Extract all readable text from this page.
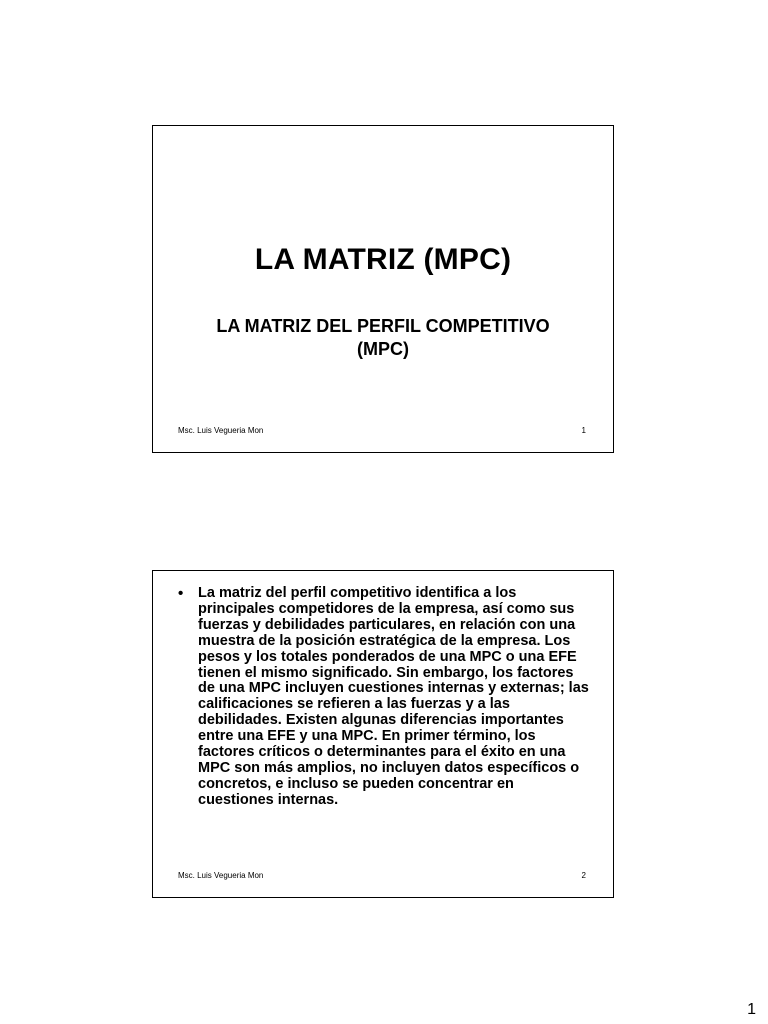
LA MATRIZ (MPC)
LA MATRIZ DEL PERFIL COMPETITIVO (MPC)
Msc. Luis Vegueria Mon	1
•	La matriz del perfil competitivo identifica a los principales competidores de la empresa, así como sus fuerzas y debilidades particulares, en relación con una muestra de la posición estratégica de la empresa. Los pesos y los totales ponderados de una MPC o una EFE tienen el mismo significado. Sin embargo, los factores de una MPC incluyen cuestiones internas y externas; las calificaciones se refieren a las fuerzas y a las debilidades. Existen algunas diferencias importantes entre una EFE y una MPC. En primer término, los factores críticos o determinantes para el éxito en una MPC son más amplios, no incluyen datos específicos o concretos, e incluso se pueden concentrar en cuestiones internas.

Msc. Luis Vegueria Mon	2
1
